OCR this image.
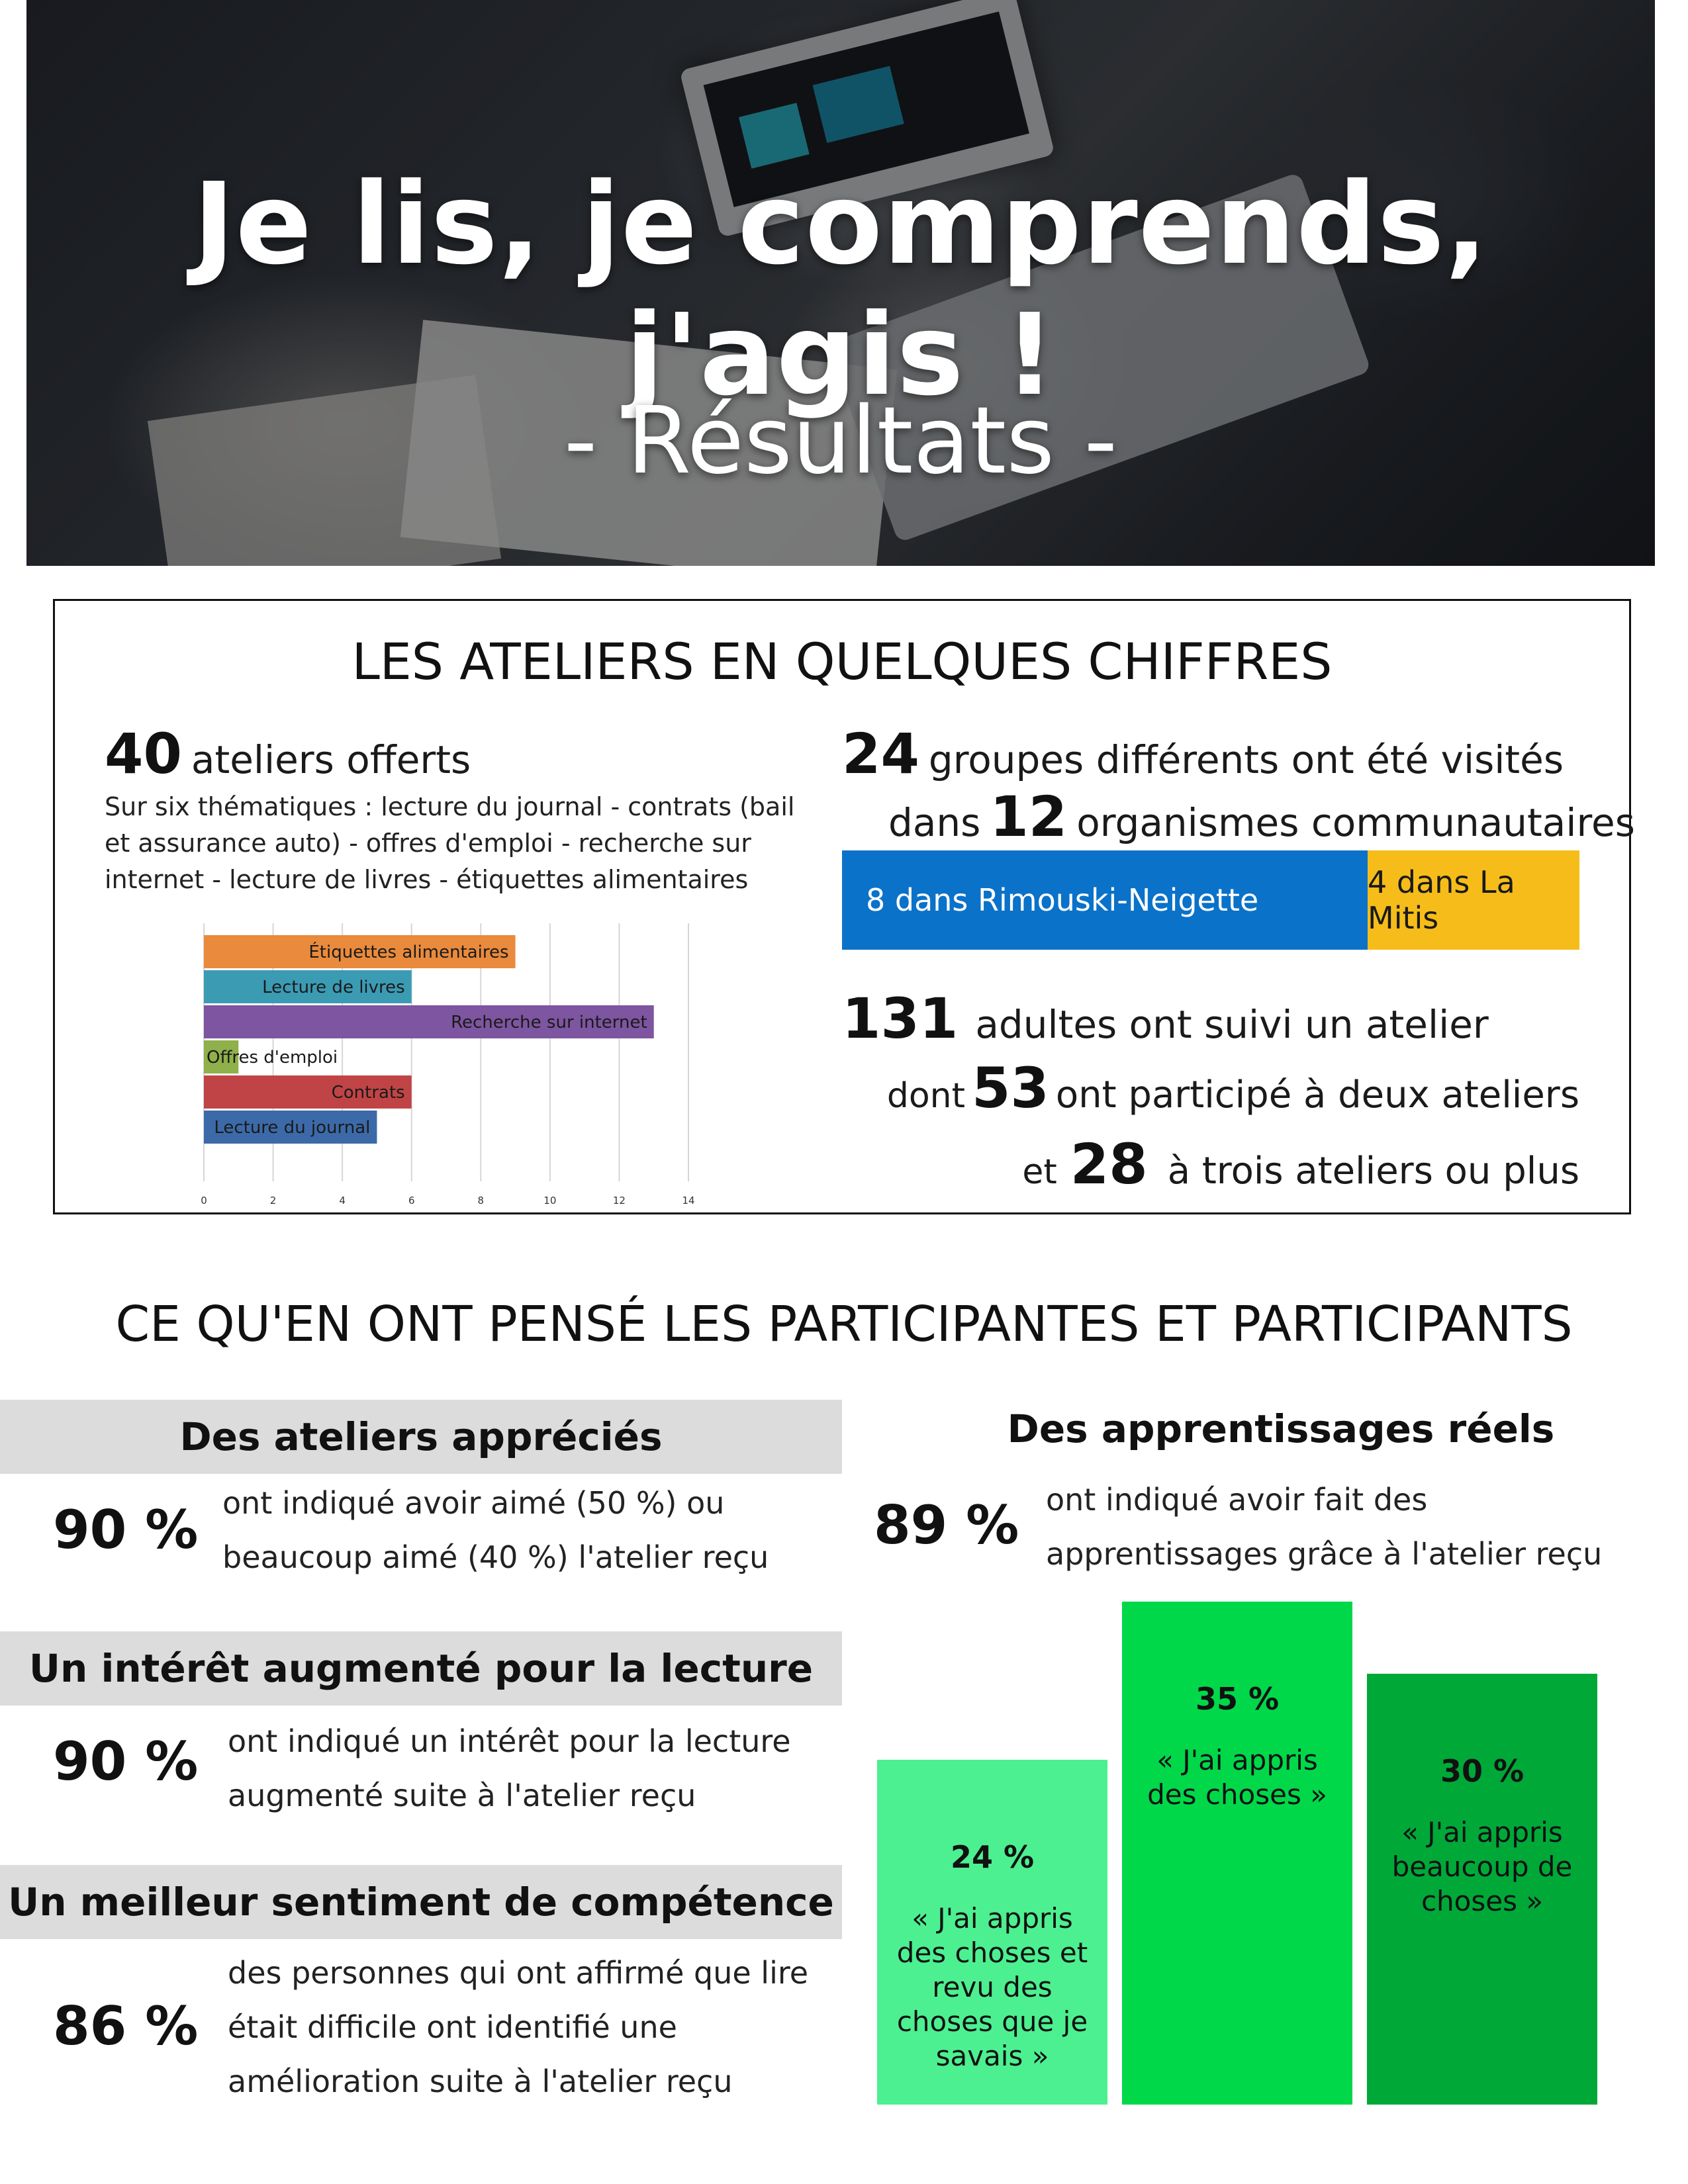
Je lis, je comprends, j'agis !
- Résultats -
LES ATELIERS EN QUELQUES CHIFFRES
40 ateliers offerts
Sur six thématiques : lecture du journal - contrats (bail et assurance auto) - offres d'emploi - recherche sur internet - lecture de livres - étiquettes alimentaires
0	2	4	6	8	10	12	14
Étiquettes alimentaires
Lecture de livres
Recherche sur internet
Offres d'emploi
Contrats
Lecture du journal
24 groupes différents ont été visités
dans 12 organismes communautaires
8 dans Rimouski-Neigette	4 dans La Mitis
131 adultes ont suivi un atelier
dont 53 ont participé à deux ateliers
et 28 à trois ateliers ou plus
CE QU'EN ONT PENSÉ LES PARTICIPANTES ET PARTICIPANTS
Des ateliers appréciés
90 % ont indiqué avoir aimé (50 %) ou beaucoup aimé (40 %) l'atelier reçu
Un intérêt augmenté pour la lecture
90 % ont indiqué un intérêt pour la lecture augmenté suite à l'atelier reçu
Un meilleur sentiment de compétence
86 %
des personnes qui ont affirmé que lire était difficile ont identifié une amélioration suite à l'atelier reçu
Des apprentissages réels
89 % ont indiqué avoir fait des apprentissages grâce à l'atelier reçu
24 %
« J'ai appris des choses et revu des choses que je savais »
35 %
« J'ai appris des choses »
30 %
« J'ai appris beaucoup de choses »
